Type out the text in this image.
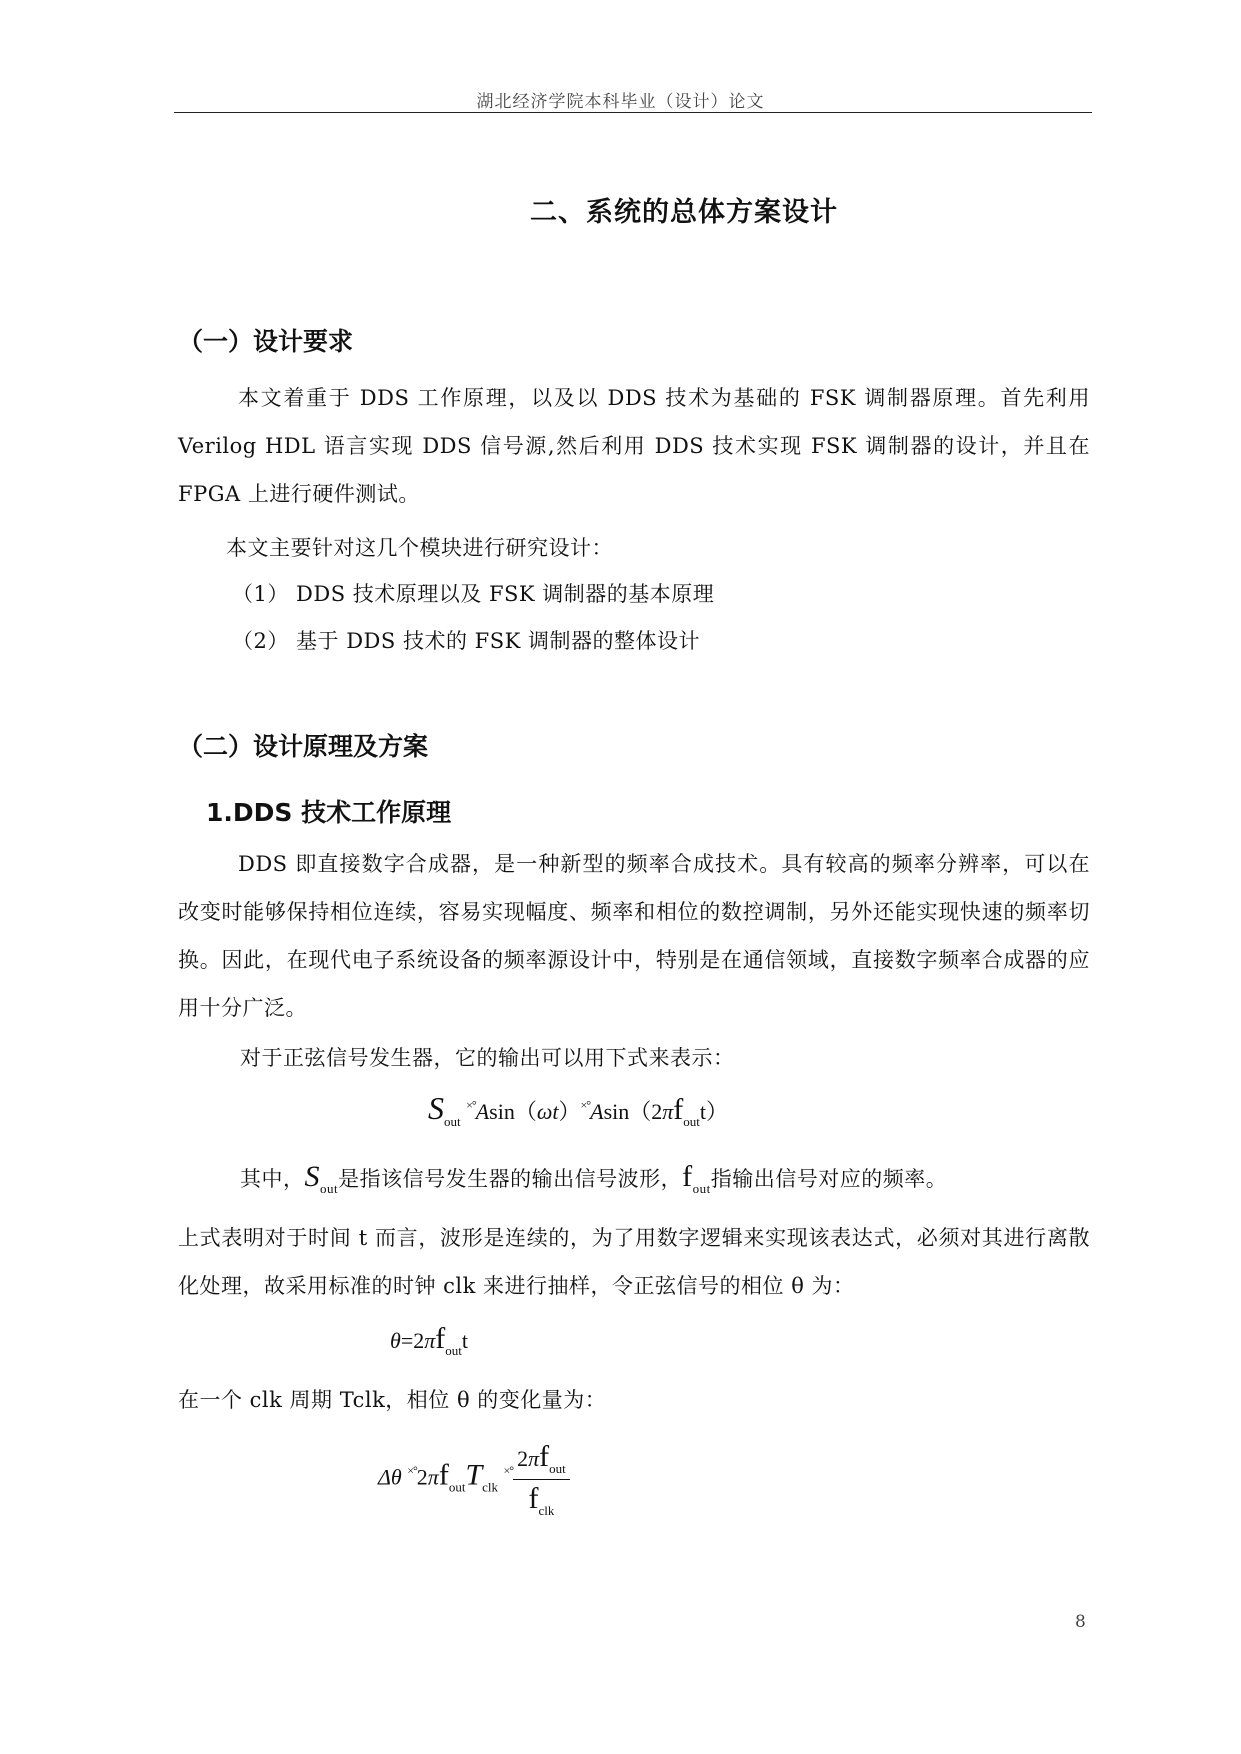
湖北经济学院本科毕业（设计）论文
二、系统的总体方案设计
（一）设计要求

本文着重于 DDS 工作原理，以及以 DDS 技术为基础的 FSK 调制器原理。首先利用 Verilog HDL 语言实现 DDS 信号源,然后利用 DDS 技术实现 FSK 调制器的设计，并且在 FPGA 上进行硬件测试。

本文主要针对这几个模块进行研究设计：
（1） DDS 技术原理以及 FSK 调制器的基本原理
（2） 基于 DDS 技术的 FSK 调制器的整体设计
（二）设计原理及方案
1.DDS 技术工作原理

DDS 即直接数字合成器，是一种新型的频率合成技术。具有较高的频率分辨率，可以在改变时能够保持相位连续，容易实现幅度、频率和相位的数控调制，另外还能实现快速的频率切换。因此，在现代电子系统设备的频率源设计中，特别是在通信领域，直接数字频率合成器的应用十分广泛。

对于正弦信号发生器，它的输出可以用下式来表示：
$S_{out}$ $^{\times^\circ}Asin(\omega t)^{\times^\circ}Asin(2\pi f_{out}t)$
其中，$S_{out}$是指该信号发生器的输出信号波形，$f_{out}$指输出信号对应的频率。

上式表明对于时间 t 而言，波形是连续的，为了用数字逻辑来实现该表达式，必须对其进行离散化处理，故采用标准的时钟 clk 来进行抽样，令正弦信号的相位 θ 为：

$\theta=2\pi f_{out}t$
在一个 clk 周期 Tclk，相位 θ 的变化量为：
Δθ $^{\times^\circ}2\pi f_{out}T_{clk}$ $^{\times^\circ} \frac{2\pi f_{out}}{f_{clk}}$
8
